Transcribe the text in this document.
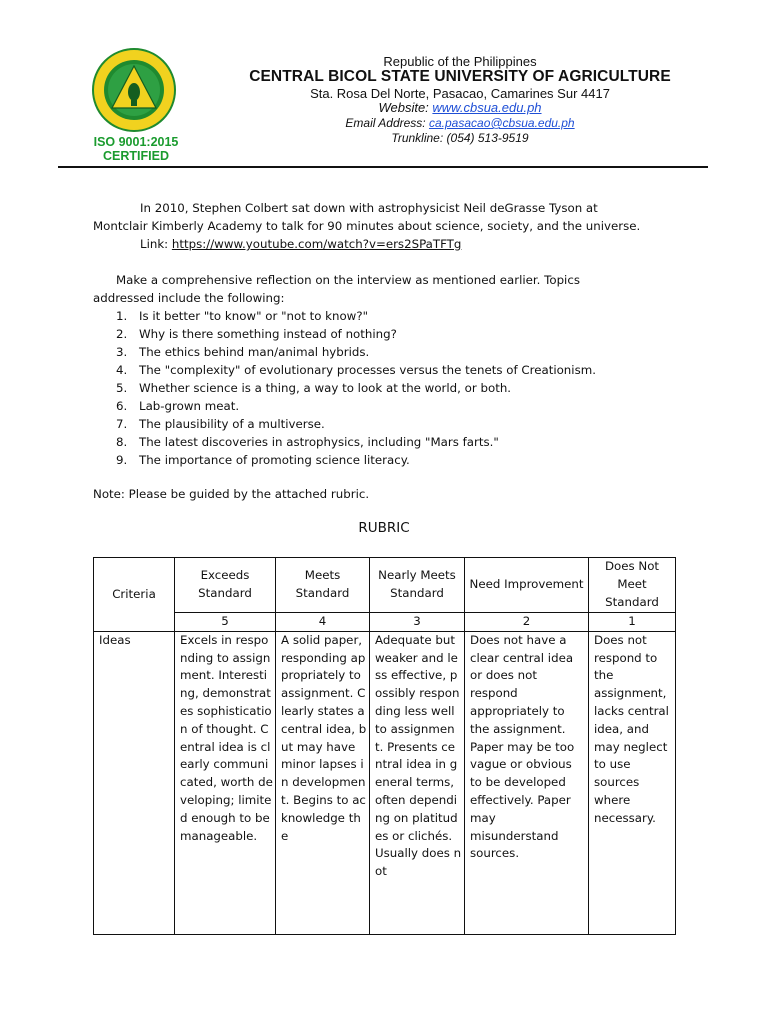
ISO 9001:2015
CERTIFIED
Republic of the Philippines
CENTRAL BICOL STATE UNIVERSITY OF AGRICULTURE
Sta. Rosa Del Norte, Pasacao, Camarines Sur 4417
Website: www.cbsua.edu.ph
Email Address: ca.pasacao@cbsua.edu.ph
Trunkline: (054) 513-9519
In 2010, Stephen Colbert sat down with astrophysicist Neil deGrasse Tyson at
Montclair Kimberly Academy to talk for 90 minutes about science, society, and the universe.
Link: https://www.youtube.com/watch?v=ers2SPaTFTg
Make a comprehensive reflection on the interview as mentioned earlier. Topics
addressed include the following:
1. Is it better "to know" or "not to know?"
2. Why is there something instead of nothing?
3. The ethics behind man/animal hybrids.
4. The "complexity" of evolutionary processes versus the tenets of Creationism.
5. Whether science is a thing, a way to look at the world, or both.
6. Lab-grown meat.
7. The plausibility of a multiverse.
8. The latest discoveries in astrophysics, including "Mars farts."
9. The importance of promoting science literacy.
Note: Please be guided by the attached rubric.
RUBRIC
Criteria	Exceeds Standard	Meets Standard	Nearly Meets Standard	Need Improvement	Does Not Meet Standard
	5	4	3	2	1
Ideas	Excels in responding to assignment. Interesting, demonstrates sophistication of thought. Central idea is clearly communicated, worth developing; limited enough to be manageable.	A solid paper, responding appropriately to assignment. Clearly states a central idea, but may have minor lapses in development. Begins to acknowledge the	Adequate but weaker and less effective, possibly responding less well to assignment. Presents central idea in general terms, often depending on platitudes or clichés. Usually does not	Does not have a clear central idea or does not respond appropriately to the assignment. Paper may be too vague or obvious to be developed effectively. Paper may misunderstand sources.	Does not respond to the assignment, lacks central idea, and may neglect to use sources where necessary.
